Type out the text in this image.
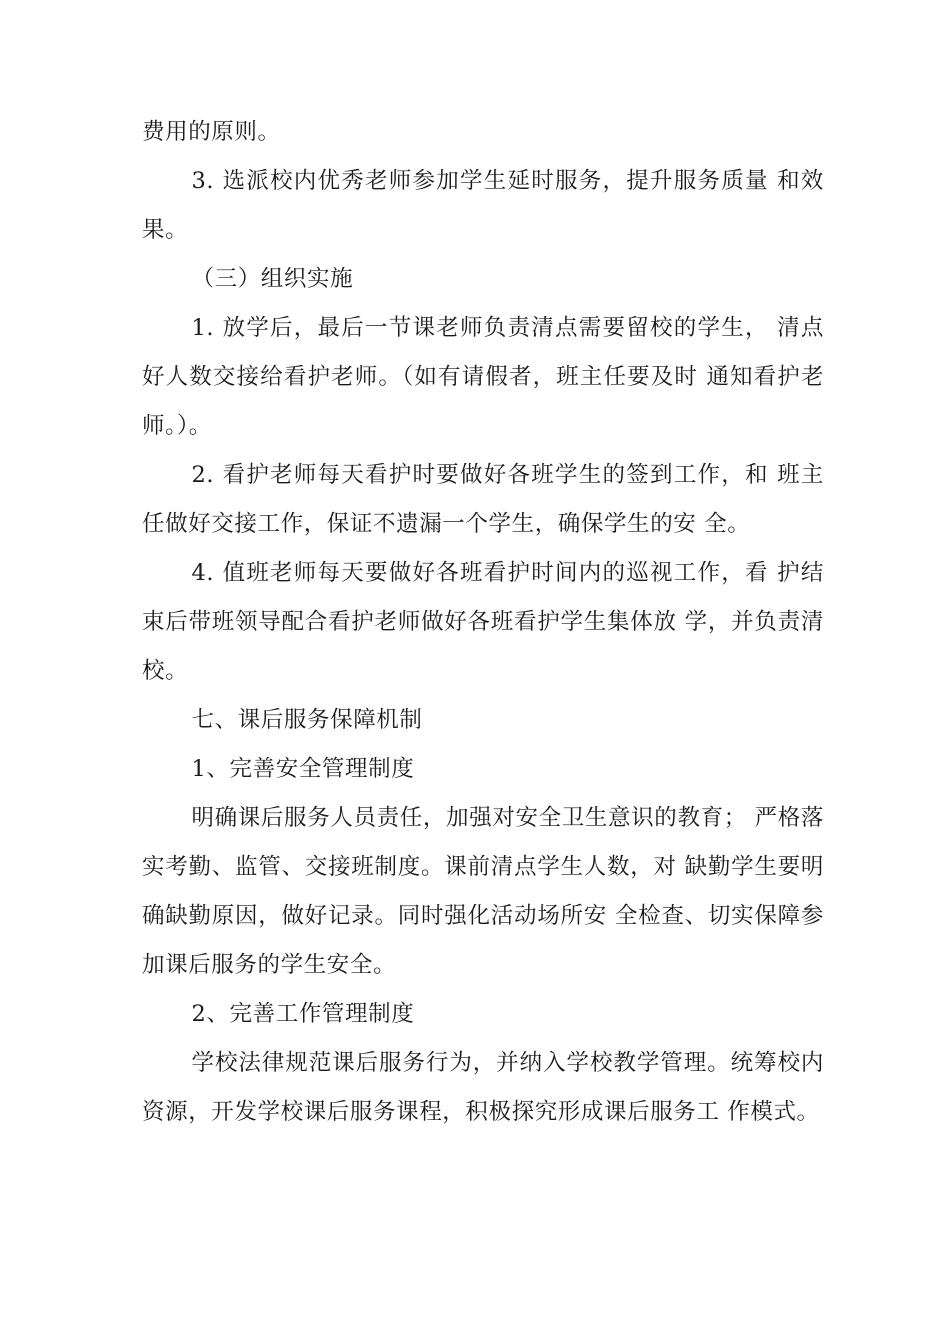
费用的原则。

3. 选派校内优秀老师参加学生延时服务，提升服务质量 和效果。

（三）组织实施

1. 放学后，最后一节课老师负责清点需要留校的学生， 清点好人数交接给看护老师。（如有请假者，班主任要及时 通知看护老师。）。

2. 看护老师每天看护时要做好各班学生的签到工作，和 班主任做好交接工作，保证不遗漏一个学生，确保学生的安 全。

4. 值班老师每天要做好各班看护时间内的巡视工作，看 护结束后带班领导配合看护老师做好各班看护学生集体放 学，并负责清校。

七、课后服务保障机制

1、完善安全管理制度

明确课后服务人员责任，加强对安全卫生意识的教育； 严格落实考勤、监管、交接班制度。课前清点学生人数，对 缺勤学生要明确缺勤原因，做好记录。同时强化活动场所安 全检查、切实保障参加课后服务的学生安全。

2、完善工作管理制度

学校法律规范课后服务行为，并纳入学校教学管理。统筹校内资源，开发学校课后服务课程，积极探究形成课后服务工 作模式。
